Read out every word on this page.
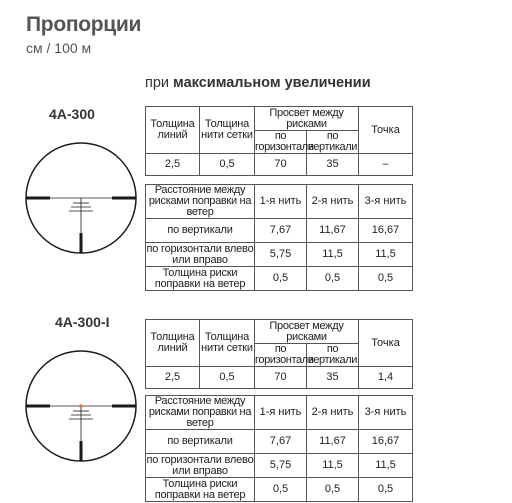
Пропорции
см / 100 м
при максимальном увеличении
4А-300
Толщина линий	Толщина нити сетки	Просвет между рисками		Точка
		по горизонтали	по вертикали	
2,5	0,5	70	35	–
Расстояние между рисками поправки на ветер	1-я нить	2-я нить	3-я нить
по вертикали	7,67	11,67	16,67
по горизонтали влево или вправо	5,75	11,5	11,5
Толщина риски поправки на ветер	0,5	0,5	0,5
4А-300-I
Толщина линий	Толщина нити сетки	Просвет между рисками		Точка
		по горизонтали	по вертикали	
2,5	0,5	70	35	1,4
Расстояние между рисками поправки на ветер	1-я нить	2-я нить	3-я нить
по вертикали	7,67	11,67	16,67
по горизонтали влево или вправо	5,75	11,5	11,5
Толщина риски поправки на ветер	0,5	0,5	0,5
